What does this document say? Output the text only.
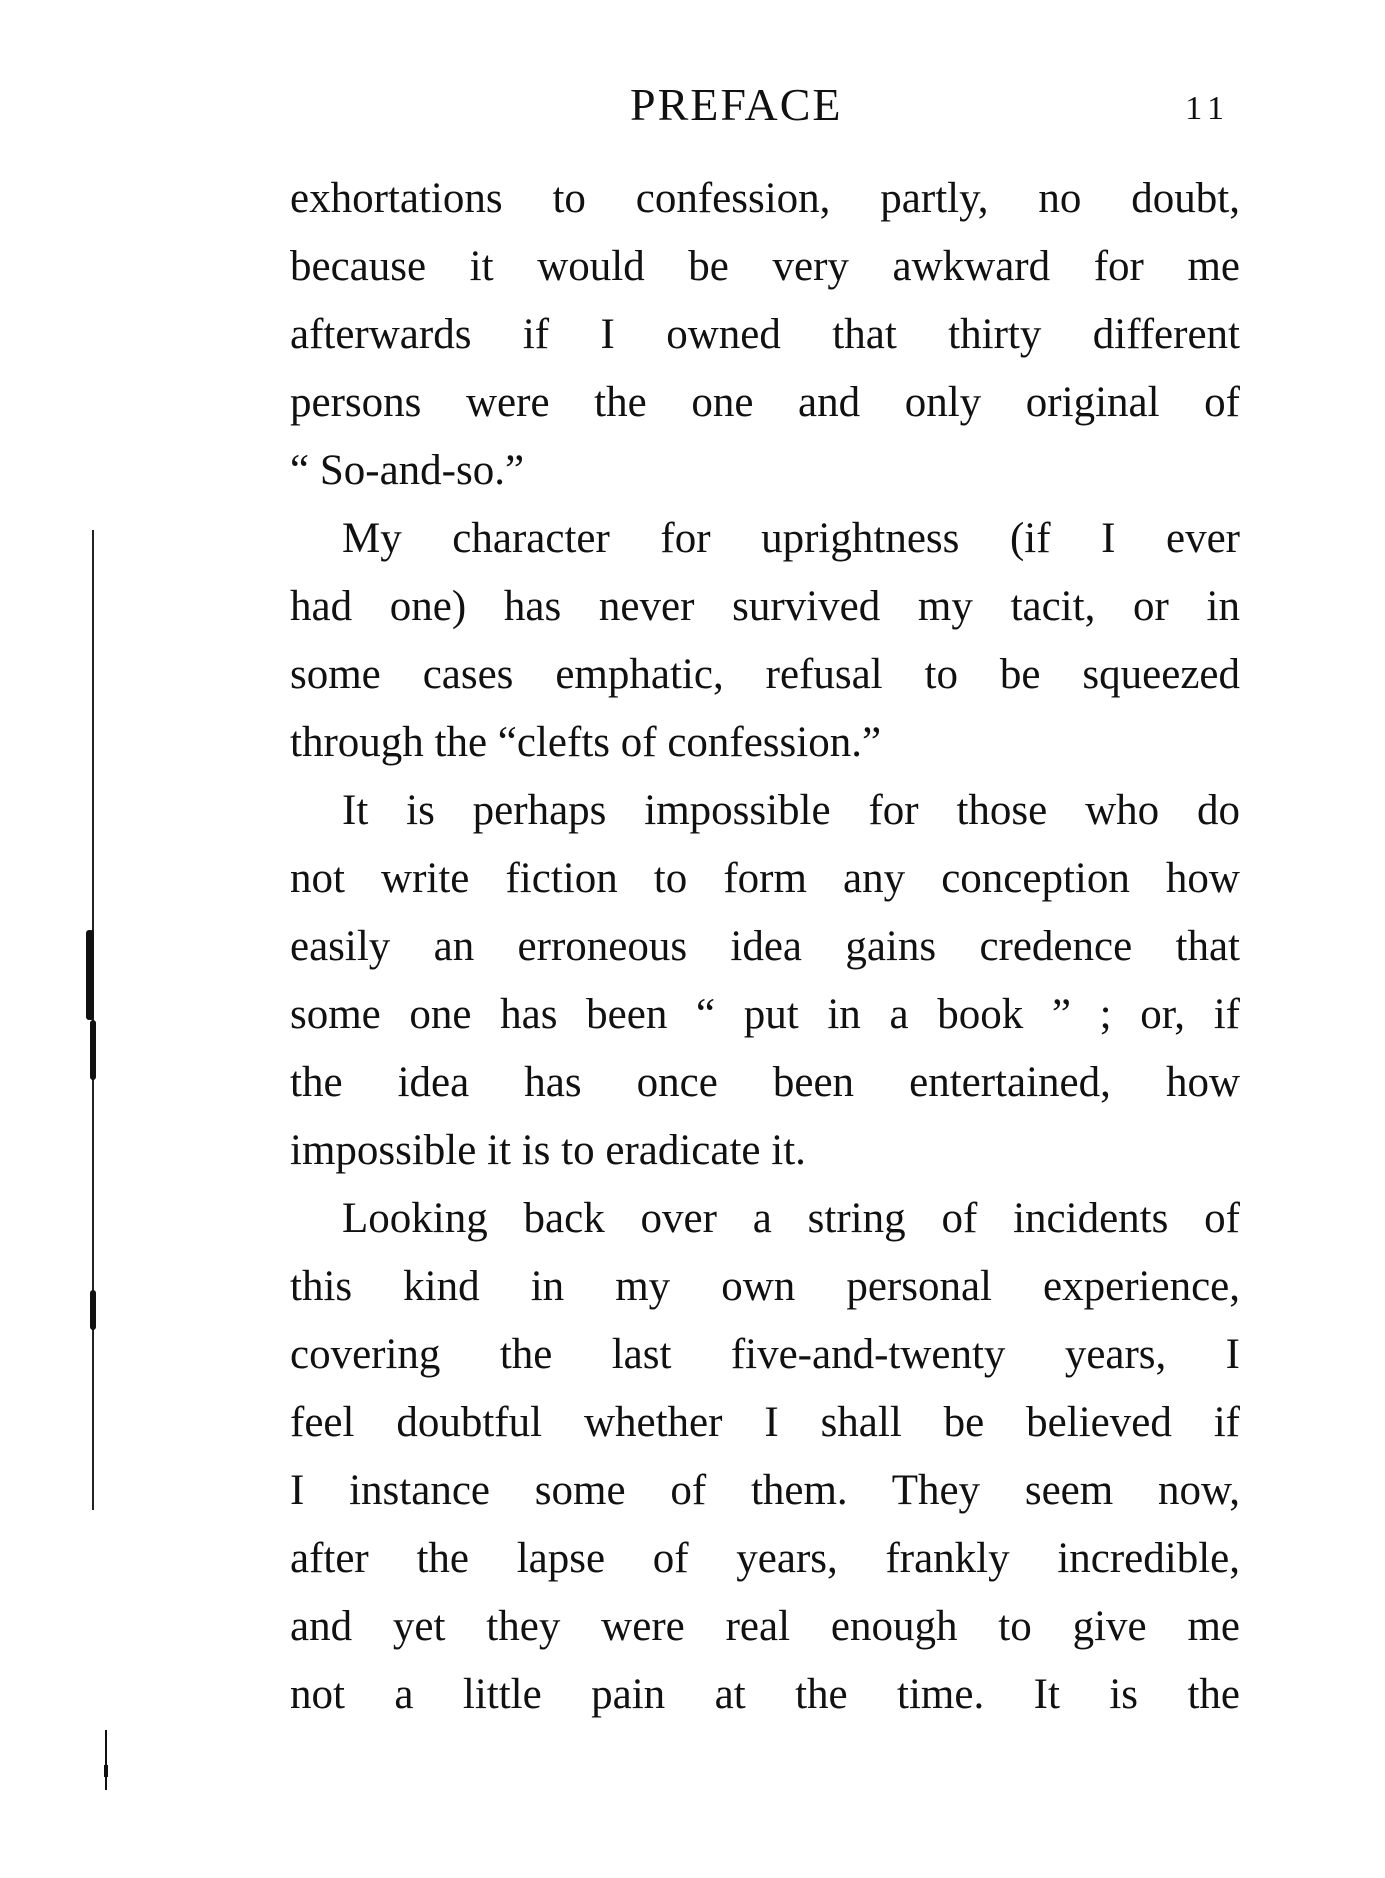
PREFACE	11
exhortations to confession, partly, no doubt,
because it would be very awkward for me
afterwards if I owned that thirty different
persons were the one and only original of
“ So-and-so.”
My character for uprightness (if I ever
had one) has never survived my tacit, or in
some cases emphatic, refusal to be squeezed
through the “clefts of confession.”
It is perhaps impossible for those who do
not write fiction to form any conception how
easily an erroneous idea gains credence that
some one has been “ put in a book ” ; or, if
the idea has once been entertained, how
impossible it is to eradicate it.
Looking back over a string of incidents of
this kind in my own personal experience,
covering the last five-and-twenty years, I
feel doubtful whether I shall be believed if
I instance some of them. They seem now,
after the lapse of years, frankly incredible,
and yet they were real enough to give me
not a little pain at the time. It is the
